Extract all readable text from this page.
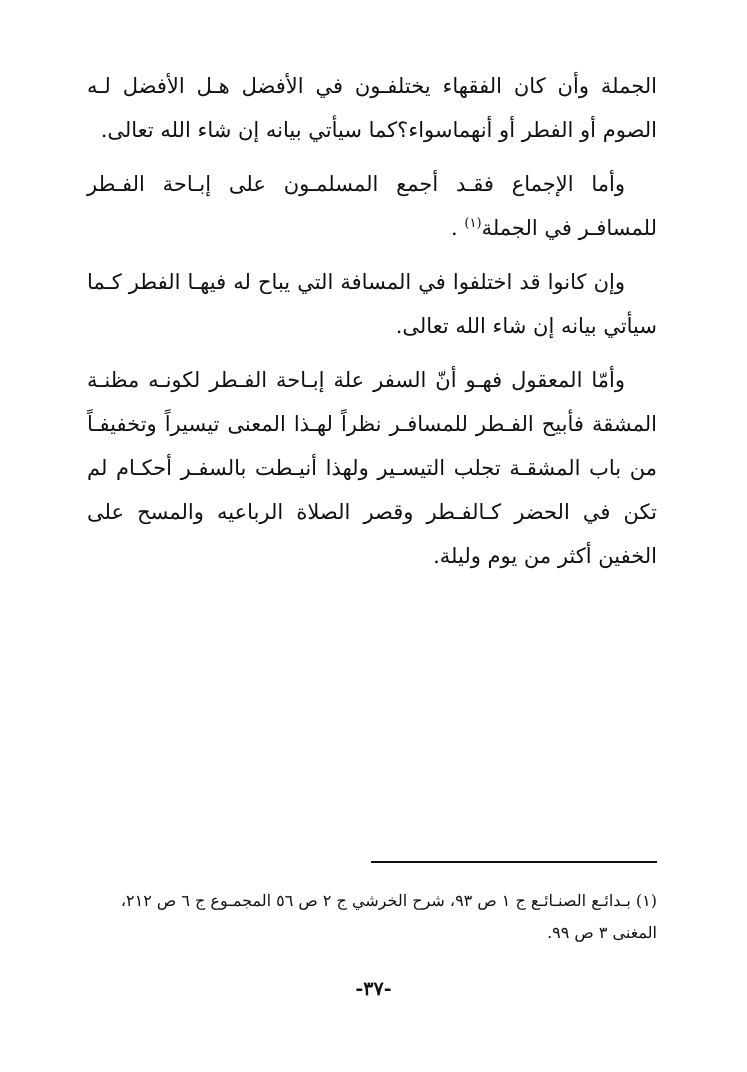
الجملة وأن كان الفقهاء يختلفـون في الأفضل هـل الأفضل لـه الصوم أو الفطر أو أنهماسواء؟كما سيأتي بيانه إن شاء الله تعالى.

وأما الإجماع فقـد أجمع المسلمـون على إبـاحة الفـطر للمسافـر في الجملة$^{(١)}$ .

وإن كانوا قد اختلفوا في المسافة التي يباح له فيهـا الفطر كـما سيأتي بيانه إن شاء الله تعالى.

وأمّا المعقول فهـو أنّ السفر علة إبـاحة الفـطر لكونـه مظنـة المشقة فأبيح الفـطر للمسافـر نظراً لهـذا المعنى تيسيراً وتخفيفـاً من باب المشقـة تجلب التيسـير ولهذا أنيـطت بالسفـر أحكـام لم تكن في الحضر كـالفـطر وقصر الصلاة الرباعيه والمسح على الخفين أكثر من يوم وليلة.

(١) بـدائـع الصنـائـع ج ١ ص ٩٣، شرح الخرشي ج ٢ ص ٥٦ المجمـوع ج ٦ ص ٢١٢، المغنى ٣ ص ٩٩.

-٣٧-
